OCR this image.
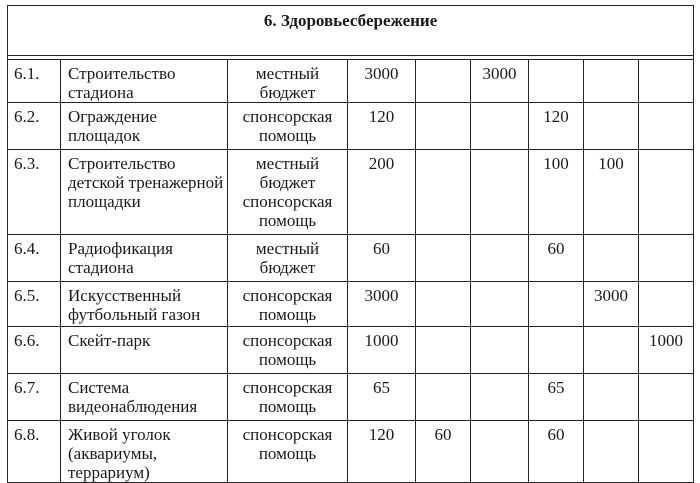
6. Здоровьесбережение								

6.1.	Строительство стадиона	местный бюджет	3000		3000			
6.2.	Ограждение площадок	спонсорская помощь	120			120		
6.3.	Строительство детской тренажерной площадки	местный бюджет спонсорская помощь	200			100	100	
6.4.	Радиофикация стадиона	местный бюджет	60			60		
6.5.	Искусственный футбольный газон	спонсорская помощь	3000				3000	
6.6.	Скейт-парк	спонсорская помощь	1000					1000
6.7.	Система видеонаблюдения	спонсорская помощь	65			65		
6.8.	Живой уголок (аквариумы, террариум)	спонсорская помощь	120	60		60		
